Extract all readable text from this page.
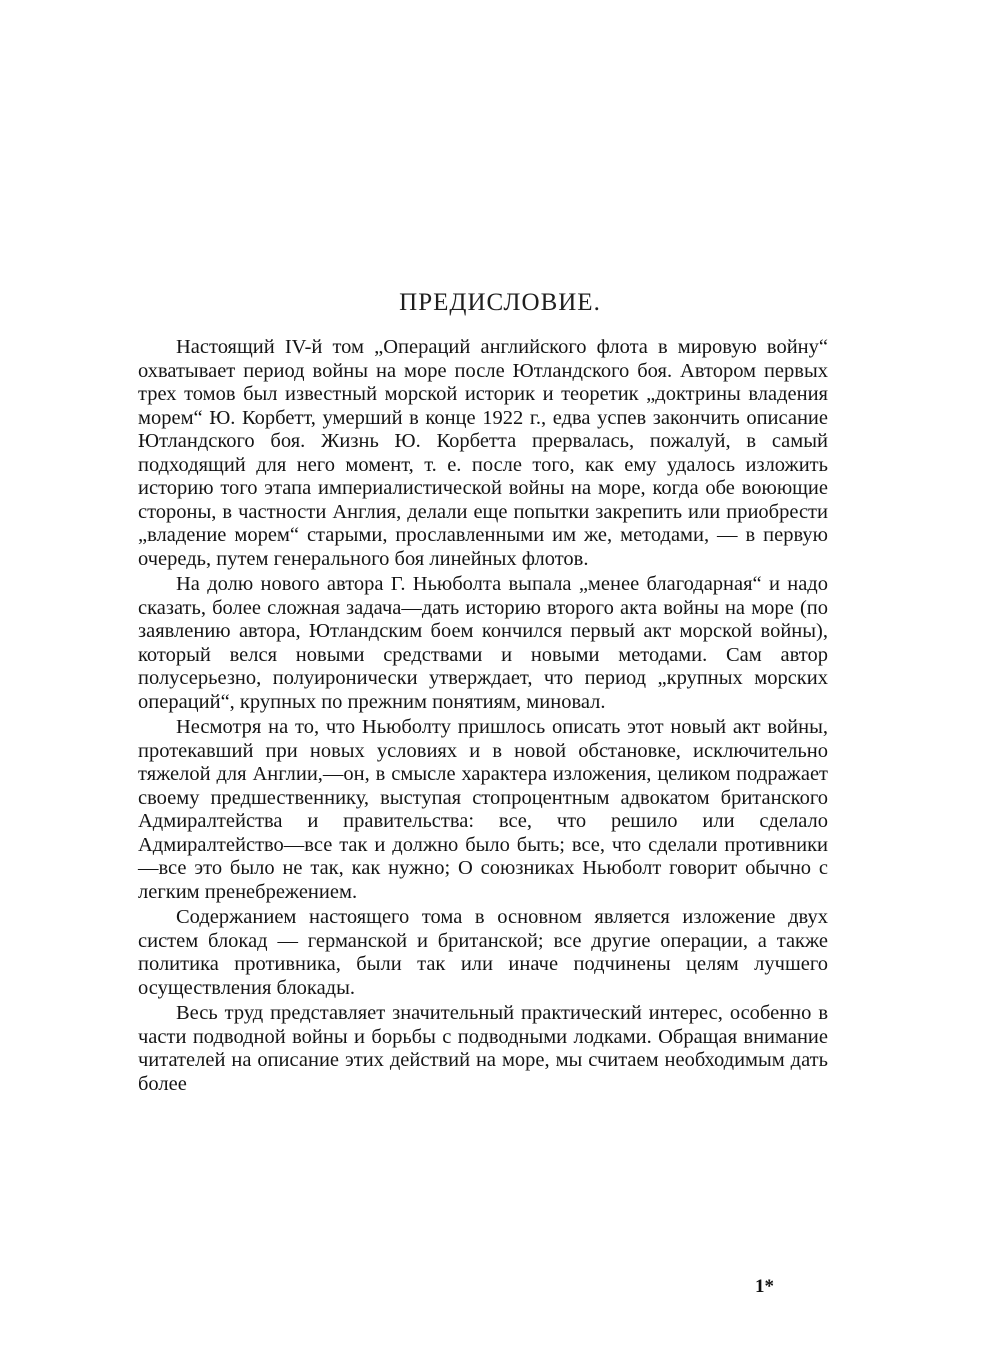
ПРЕДИСЛОВИЕ.

Настоящий IV-й том „Операций английского флота в мировую войну“ охватывает период войны на море после Ютландского боя. Автором первых трех томов был известный морской историк и теоретик „доктрины владения морем“ Ю. Корбетт, умерший в конце 1922 г., едва успев закончить описание Ютландского боя. Жизнь Ю. Корбетта прервалась, пожалуй, в самый подходящий для него момент, т. е. после того, как ему удалось изложить историю того этапа империалистической войны на море, когда обе воюющие стороны, в частности Англия, делали еще попытки закрепить или приобрести „владение морем“ старыми, прославленными им же, методами, — в первую очередь, путем генерального боя линейных флотов.

На долю нового автора Г. Ньюболта выпала „менее благодарная“ и надо сказать, более сложная задача—дать историю второго акта войны на море (по заявлению автора, Ютландским боем кончился первый акт морской войны), который велся новыми средствами и новыми методами. Сам автор полусерьезно, полуиронически утверждает, что период „крупных морских операций“, крупных по прежним понятиям, миновал.

Несмотря на то, что Ньюболту пришлось описать этот новый акт войны, протекавший при новых условиях и в новой обстановке, исключительно тяжелой для Англии,—он, в смысле характера изложения, целиком подражает своему предшественнику, выступая стопроцентным адвокатом британского Адмиралтейства и правительства: все, что решило или сделало Адмиралтейство—все так и должно было быть; все, что сделали противники—все это было не так, как нужно; О союзниках Ньюболт говорит обычно с легким пренебрежением.

Содержанием настоящего тома в основном является изложение двух систем блокад — германской и британской; все другие операции, а также политика противника, были так или иначе подчинены целям лучшего осуществления блокады.

Весь труд представляет значительный практический интерес, особенно в части подводной войны и борьбы с подводными лодками. Обращая внимание читателей на описание этих действий на море, мы считаем необходимым дать более

1*
